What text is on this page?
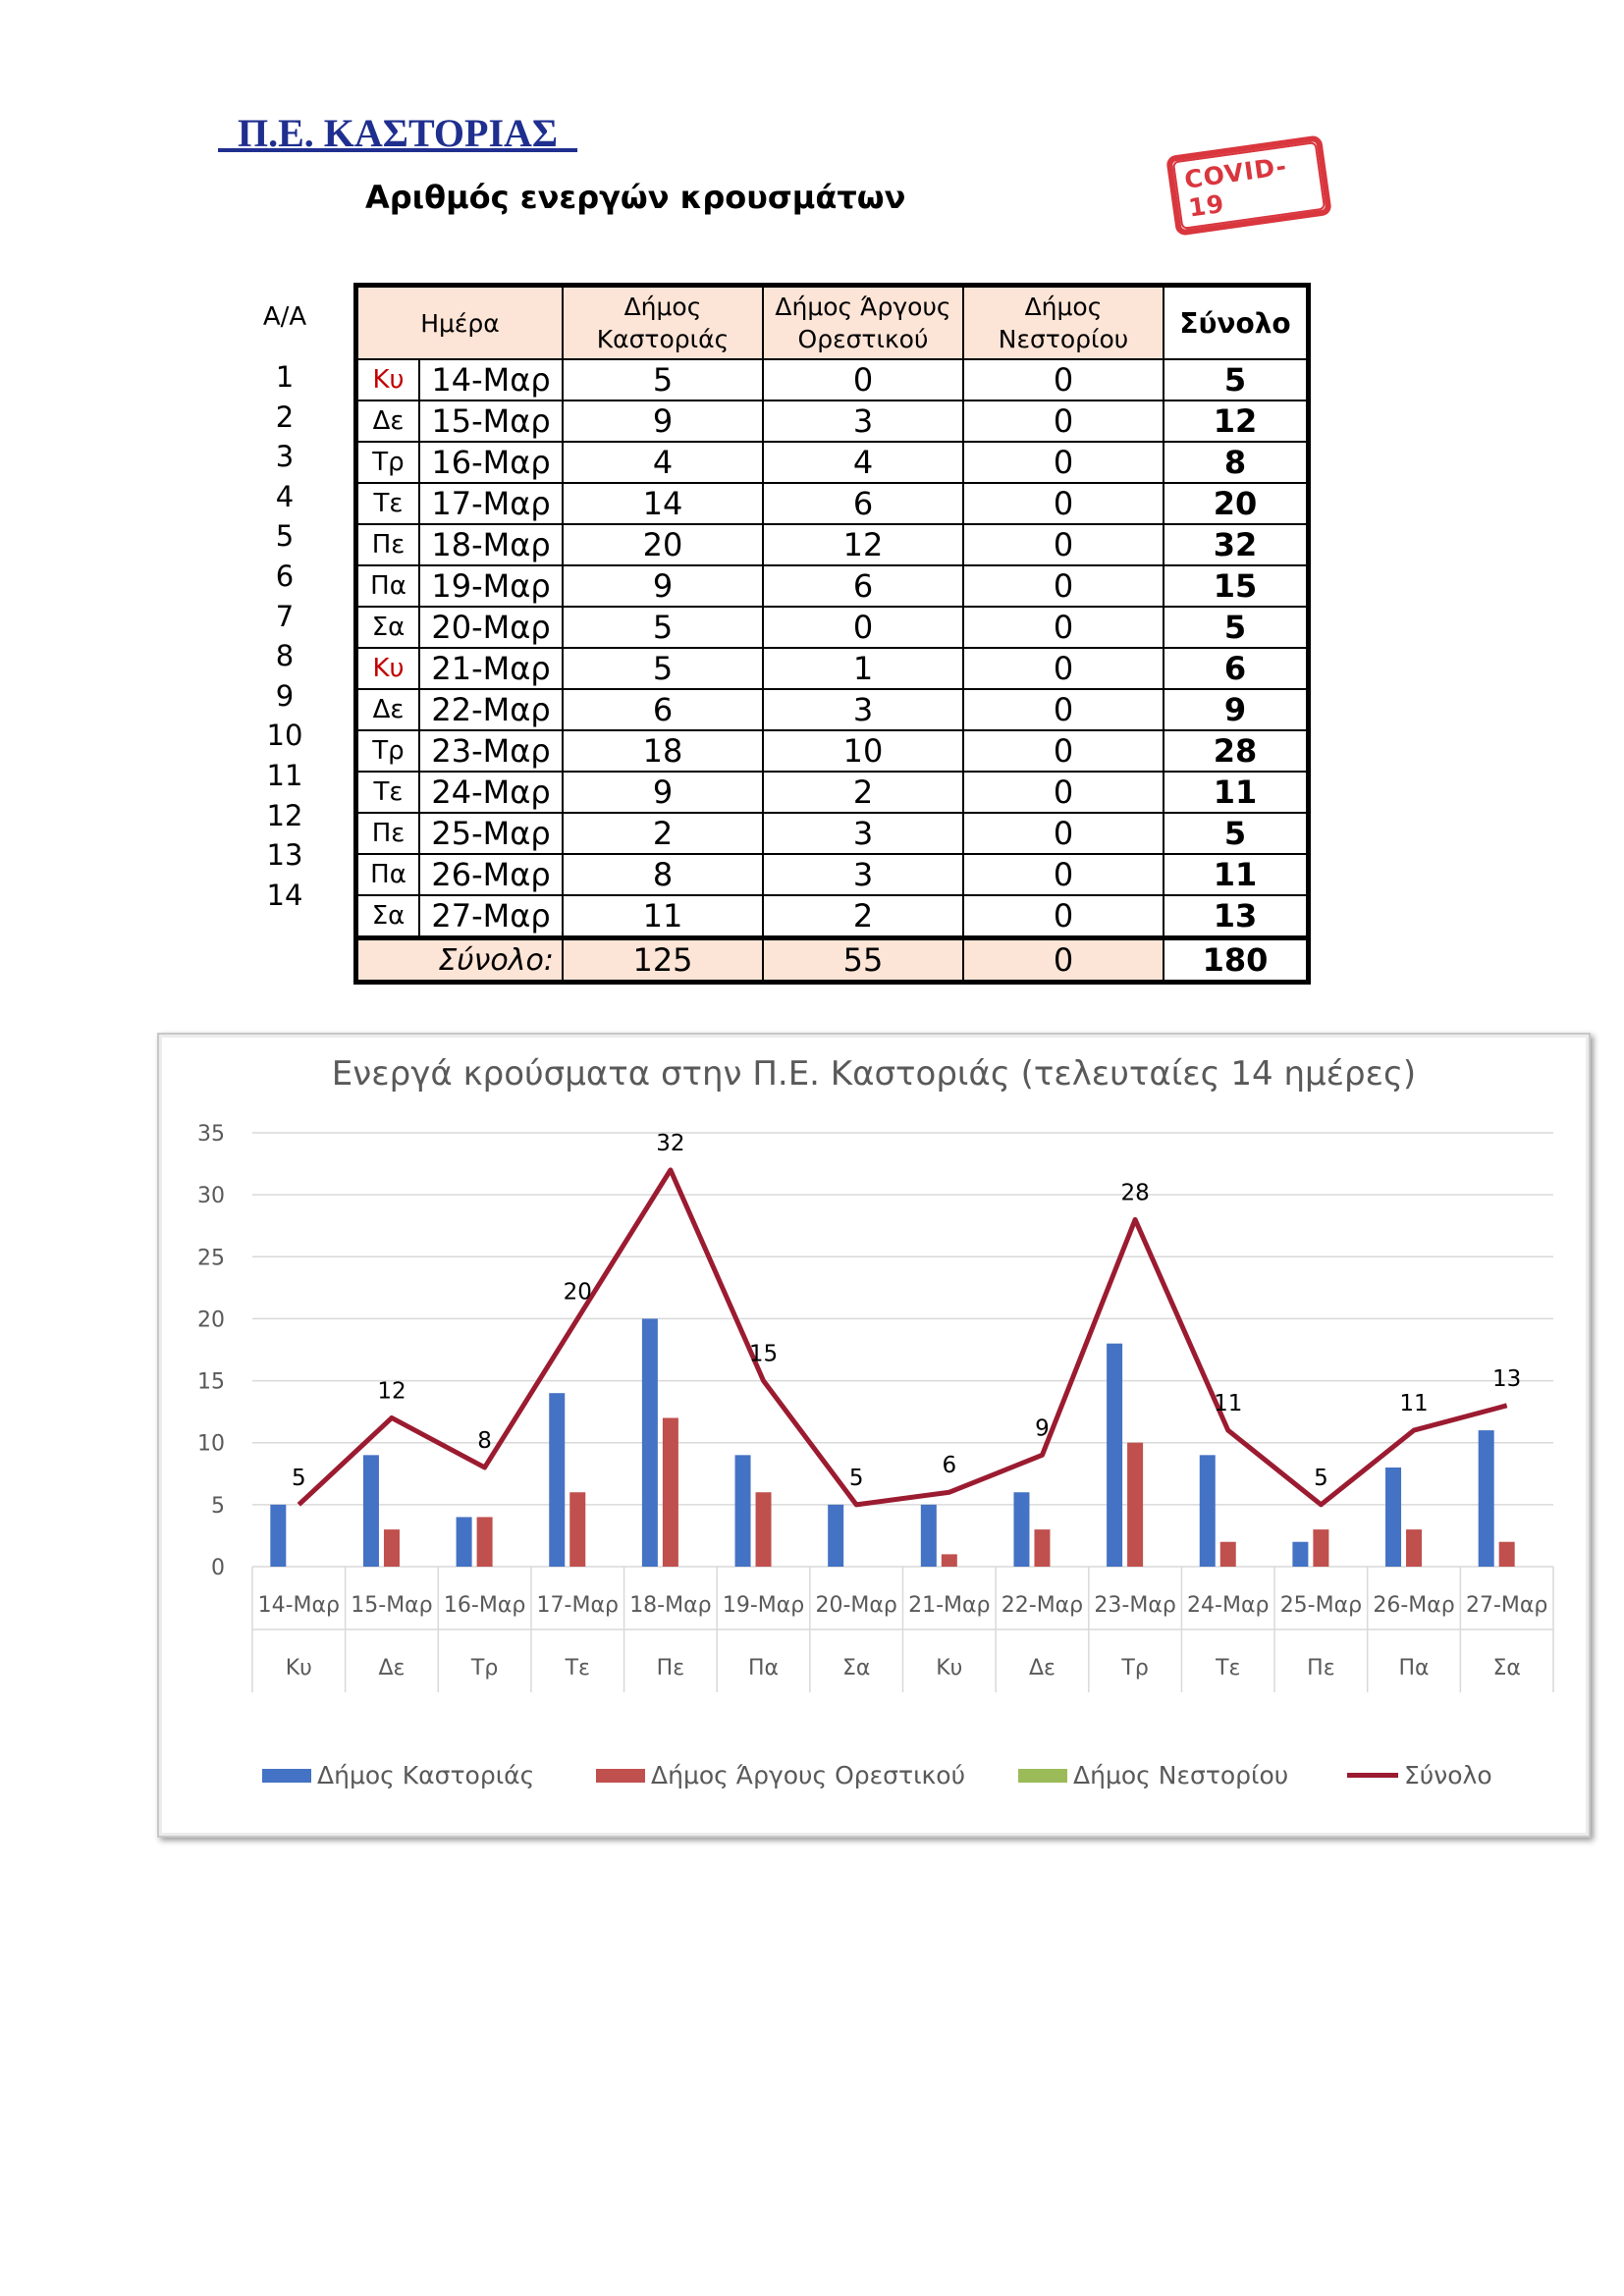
Π.Ε. ΚΑΣΤΟΡΙΑΣ
Αριθμός ενεργών κρουσμάτων
COVID-19
Α/Α
1
2
3
4
5
6
7
8
9
10
11
12
13
14
Ημέρα		Δήμος Καστοριάς	Δήμος Άργους Ορεστικού	Δήμος Νεστορίου	Σύνολο
Κυ	14-Μαρ	5	0	0	5
Δε	15-Μαρ	9	3	0	12
Τρ	16-Μαρ	4	4	0	8
Τε	17-Μαρ	14	6	0	20
Πε	18-Μαρ	20	12	0	32
Πα	19-Μαρ	9	6	0	15
Σα	20-Μαρ	5	0	0	5
Κυ	21-Μαρ	5	1	0	6
Δε	22-Μαρ	6	3	0	9
Τρ	23-Μαρ	18	10	0	28
Τε	24-Μαρ	9	2	0	11
Πε	25-Μαρ	2	3	0	5
Πα	26-Μαρ	8	3	0	11
Σα	27-Μαρ	11	2	0	13
Σύνολο:		125	55	0	180
Ενεργά κρούσματα στην Π.Ε. Καστοριάς (τελευταίες 14 ημέρες)
0
5
10
15
20
25
30
35
14-Μαρ
Κυ
15-Μαρ
Δε
16-Μαρ
Τρ
17-Μαρ
Τε
18-Μαρ
Πε
19-Μαρ
Πα
20-Μαρ
Σα
21-Μαρ
Κυ
22-Μαρ
Δε
23-Μαρ
Τρ
24-Μαρ
Τε
25-Μαρ
Πε
26-Μαρ
Πα
27-Μαρ
Σα
5
12
8
20
32
15
5	6
9
28
11
5
11
13
Δήμος Καστοριάς	Δήμος Άργους Ορεστικού	Δήμος Νεστορίου	Σύνολο
